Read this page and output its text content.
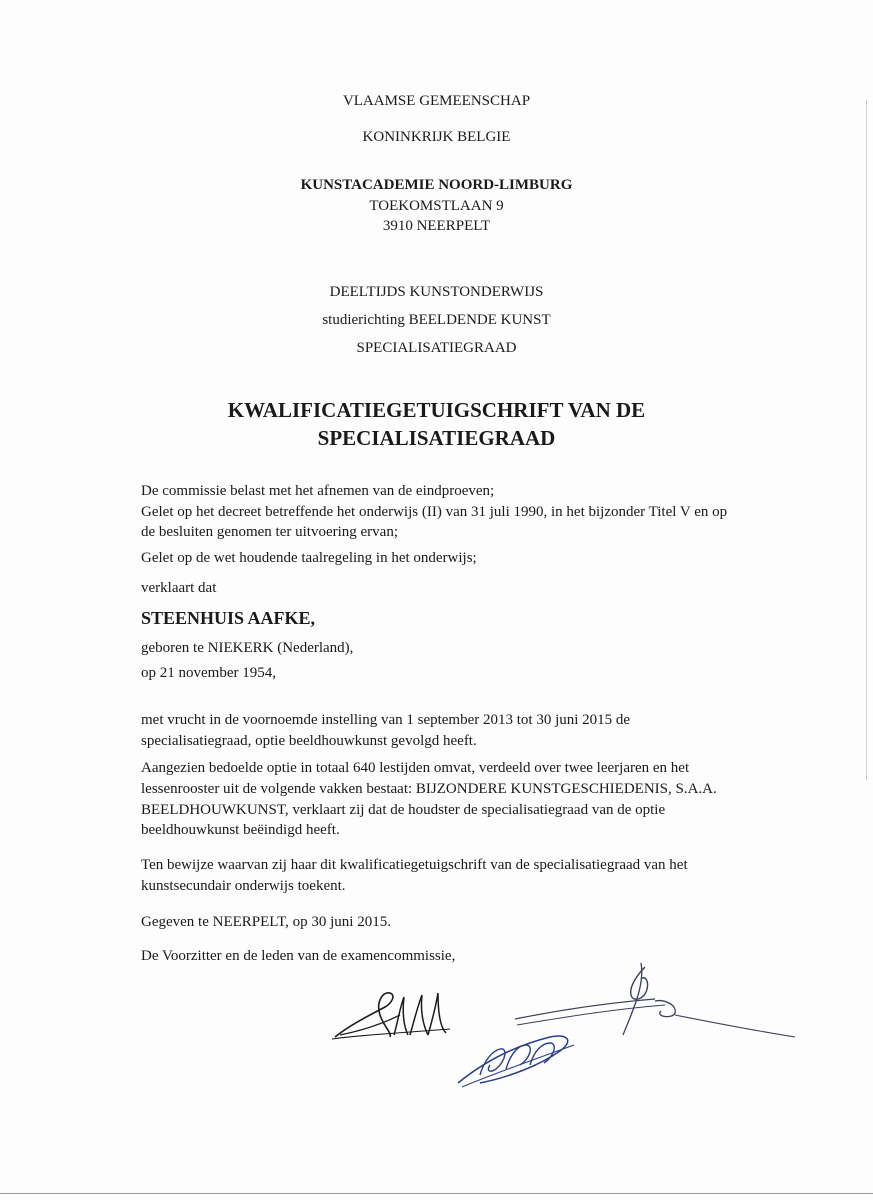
VLAAMSE GEMEENSCHAP
KONINKRIJK BELGIE
KUNSTACADEMIE NOORD-LIMBURG
TOEKOMSTLAAN 9
3910 NEERPELT
DEELTIJDS KUNSTONDERWIJS
studierichting BEELDENDE KUNST
SPECIALISATIEGRAAD
KWALIFICATIEGETUIGSCHRIFT VAN DE
SPECIALISATIEGRAAD
De commissie belast met het afnemen van de eindproeven;
Gelet op het decreet betreffende het onderwijs (II) van 31 juli 1990, in het bijzonder Titel V en op
de besluiten genomen ter uitvoering ervan;
Gelet op de wet houdende taalregeling in het onderwijs;
verklaart dat
STEENHUIS AAFKE,
geboren te NIEKERK (Nederland),
op 21 november 1954,
met vrucht in de voornoemde instelling van 1 september 2013 tot 30 juni 2015 de
specialisatiegraad, optie beeldhouwkunst gevolgd heeft.
Aangezien bedoelde optie in totaal 640 lestijden omvat, verdeeld over twee leerjaren en het
lessenrooster uit de volgende vakken bestaat: BIJZONDERE KUNSTGESCHIEDENIS, S.A.A.
BEELDHOUWKUNST, verklaart zij dat de houdster de specialisatiegraad van de optie
beeldhouwkunst beëindigd heeft.
Ten bewijze waarvan zij haar dit kwalificatiegetuigschrift van de specialisatiegraad van het
kunstsecundair onderwijs toekent.
Gegeven te NEERPELT, op 30 juni 2015.
De Voorzitter en de leden van de examencommissie,
